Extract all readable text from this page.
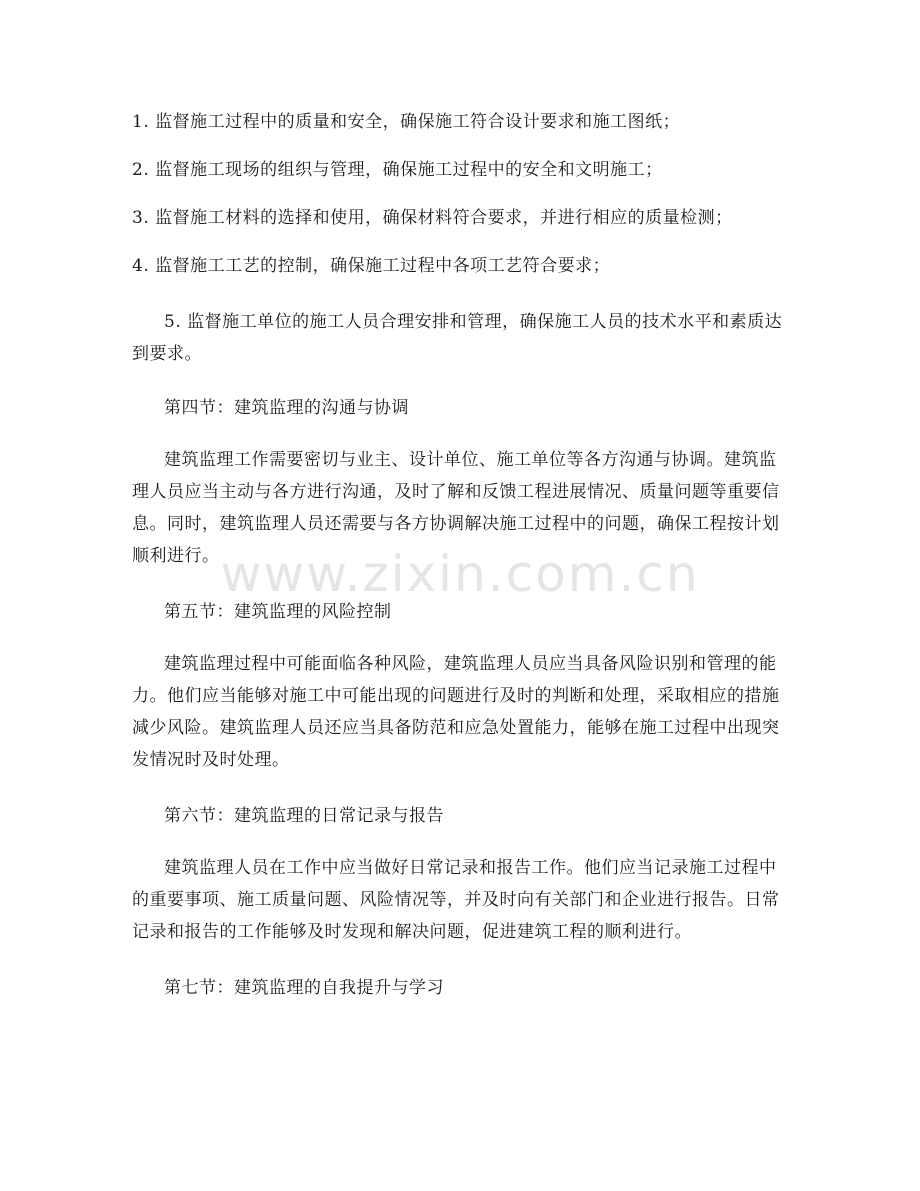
1. 监督施工过程中的质量和安全，确保施工符合设计要求和施工图纸；
2. 监督施工现场的组织与管理，确保施工过程中的安全和文明施工；
3. 监督施工材料的选择和使用，确保材料符合要求，并进行相应的质量检测；
4. 监督施工工艺的控制，确保施工过程中各项工艺符合要求；
5. 监督施工单位的施工人员合理安排和管理，确保施工人员的技术水平和素质达到要求。
第四节：建筑监理的沟通与协调
建筑监理工作需要密切与业主、设计单位、施工单位等各方沟通与协调。建筑监理人员应当主动与各方进行沟通，及时了解和反馈工程进展情况、质量问题等重要信息。同时，建筑监理人员还需要与各方协调解决施工过程中的问题，确保工程按计划顺利进行。
第五节：建筑监理的风险控制
建筑监理过程中可能面临各种风险，建筑监理人员应当具备风险识别和管理的能力。他们应当能够对施工中可能出现的问题进行及时的判断和处理，采取相应的措施减少风险。建筑监理人员还应当具备防范和应急处置能力，能够在施工过程中出现突发情况时及时处理。
第六节：建筑监理的日常记录与报告
建筑监理人员在工作中应当做好日常记录和报告工作。他们应当记录施工过程中的重要事项、施工质量问题、风险情况等，并及时向有关部门和企业进行报告。日常记录和报告的工作能够及时发现和解决问题，促进建筑工程的顺利进行。
第七节：建筑监理的自我提升与学习
www.zixin.com.cn
